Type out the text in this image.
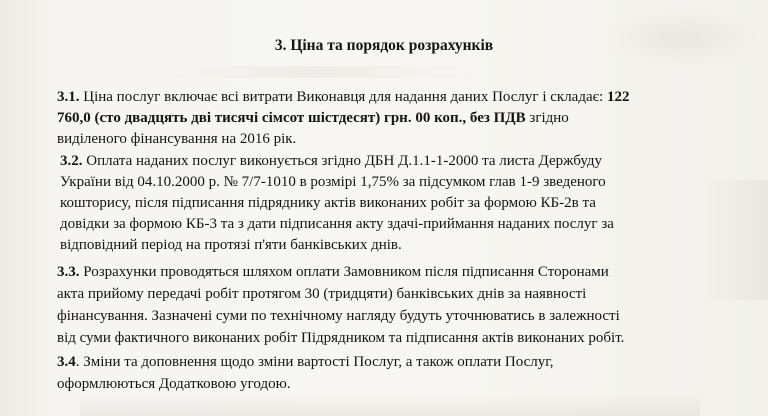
3. Ціна та порядок розрахунків
3.1. Ціна послуг включає всі витрати Виконавця для надання даних Послуг і складає: 122
760,0 (сто двадцять дві тисячі сімсот шістдесят) грн. 00 коп., без ПДВ згідно
виділеного фінансування на 2016 рік.
3.2. Оплата наданих послуг виконується згідно ДБН Д.1.1-1-2000 та листа Держбуду
України від 04.10.2000 р. № 7/7-1010 в розмірі 1,75% за підсумком глав 1-9 зведеного
кошторису, після підписання підряднику актів виконаних робіт за формою КБ-2в та
довідки за формою КБ-3 та з дати підписання акту здачі-приймання наданих послуг за
відповідний період на протязі п'яти банківських днів.
3.3. Розрахунки проводяться шляхом оплати Замовником після підписання Сторонами
акта прийому передачі робіт протягом 30 (тридцяти) банківських днів за наявності
фінансування. Зазначені суми по технічному нагляду будуть уточнюватись в залежності
від суми фактичного виконаних робіт Підрядником та підписання актів виконаних робіт.
3.4. Зміни та доповнення щодо зміни вартості Послуг, а також оплати Послуг,
оформлюються Додатковою угодою.
